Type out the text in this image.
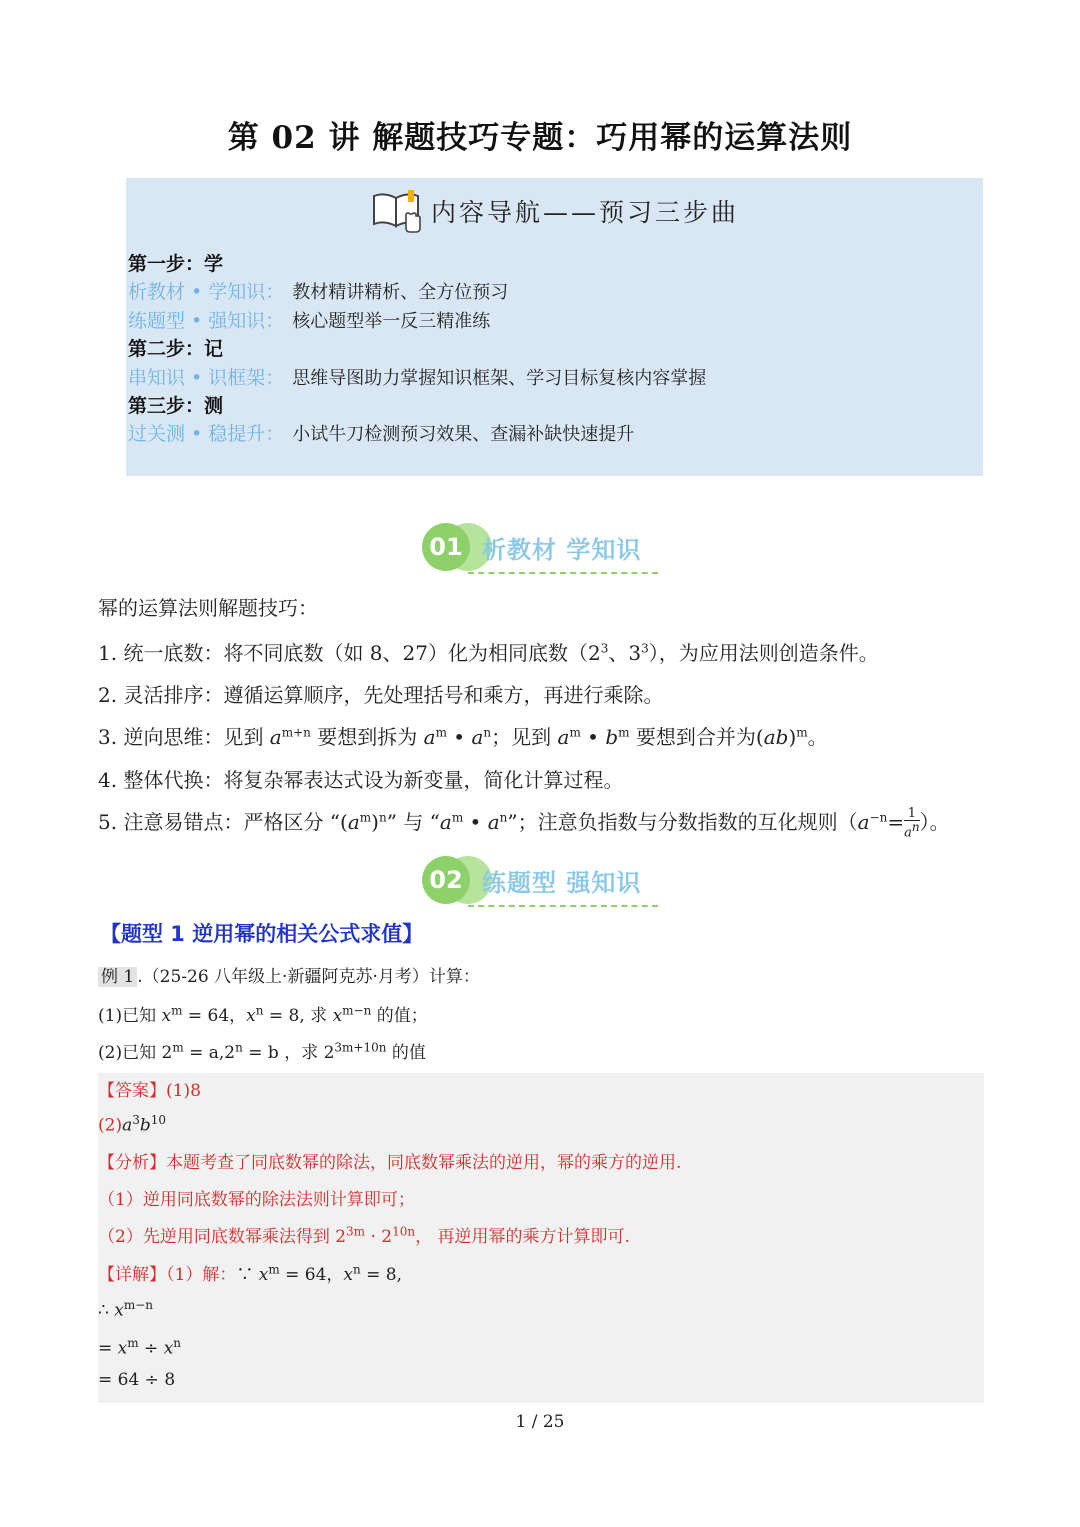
第 02 讲 解题技巧专题：巧用幂的运算法则
内容导航——预习三步曲
第一步：学
析教材 • 学知识： 教材精讲精析、全方位预习
练题型 • 强知识： 核心题型举一反三精准练
第二步：记
串知识 • 识框架： 思维导图助力掌握知识框架、学习目标复核内容掌握
第三步：测
过关测 • 稳提升： 小试牛刀检测预习效果、查漏补缺快速提升
01 析教材 学知识
幂的运算法则解题技巧：
1. 统一底数：将不同底数（如 8、27）化为相同底数（$2^3$、$3^3$），为应用法则创造条件。
2. 灵活排序：遵循运算顺序，先处理括号和乘方，再进行乘除。
3. 逆向思维：见到 $a^{m+n}$ 要想到拆为 $a^m$ • $a^n$；见到 $a^m$ • $b^m$ 要想到合并为(ab)$^m$。
4. 整体代换：将复杂幂表达式设为新变量，简化计算过程。
5. 注意易错点：严格区分 “$(a^m)^n$” 与 “$a^m$ • $a^n$”；注意负指数与分数指数的互化规则（$a^{-n}= \frac{1}{a^n}$ ）。
02 练题型 强知识
【题型 1 逆用幂的相关公式求值】
例 1 .（25-26 八年级上·新疆阿克苏·月考）计算：
(1)已知 $x^m = 64$，$x^n = 8$, 求 $x^{m-n}$ 的值；
(2)已知 $2^m = a,2^n = b$ ，求 $2^{3m+10n}$ 的值
【答案】(1)8
$(2)a^3b^{10}$
【分析】本题考查了同底数幂的除法，同底数幂乘法的逆用，幂的乘方的逆用.
（1）逆用同底数幂的除法法则计算即可；
（2）先逆用同底数幂乘法得到 $2^{3m} \cdot 2^{10n}$， 再逆用幂的乘方计算即可.
【详解】（1）解：∵ $x^m = 64$，$x^n = 8$,
∴ $x^{m-n}$
= $x^m \div x^n$
= 64 ÷ 8
1 / 25
